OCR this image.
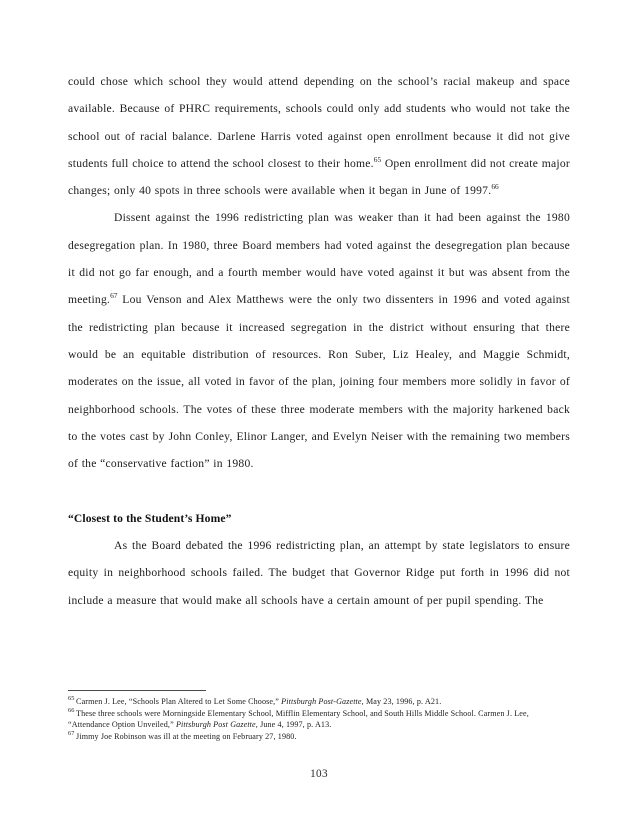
could chose which school they would attend depending on the school’s racial makeup and space available. Because of PHRC requirements, schools could only add students who would not take the school out of racial balance. Darlene Harris voted against open enrollment because it did not give students full choice to attend the school closest to their home.$^{65}$ Open enrollment did not create major changes; only 40 spots in three schools were available when it began in June of 1997.66

Dissent against the 1996 redistricting plan was weaker than it had been against the 1980 desegregation plan. In 1980, three Board members had voted against the desegregation plan because it did not go far enough, and a fourth member would have voted against it but was absent from the meeting.$^{67}$ Lou Venson and Alex Matthews were the only two dissenters in 1996 and voted against the redistricting plan because it increased segregation in the district without ensuring that there would be an equitable distribution of resources. Ron Suber, Liz Healey, and Maggie Schmidt, moderates on the issue, all voted in favor of the plan, joining four members more solidly in favor of neighborhood schools. The votes of these three moderate members with the majority harkened back to the votes cast by John Conley, Elinor Langer, and Evelyn Neiser with the remaining two members of the “conservative faction” in 1980.

“Closest to the Student’s Home”

As the Board debated the 1996 redistricting plan, an attempt by state legislators to ensure equity in neighborhood schools failed. The budget that Governor Ridge put forth in 1996 did not include a measure that would make all schools have a certain amount of per pupil spending. The

$^{65}$ Carmen J. Lee, “Schools Plan Altered to Let Some Choose,” Pittsburgh Post-Gazette, May 23, 1996, p. A21.

$^{66}$ These three schools were Morningside Elementary School, Mifflin Elementary School, and South Hills Middle School. Carmen J. Lee, “Attendance Option Unveiled,” Pittsburgh Post Gazette, June 4, 1997, p. A13.

$^{67}$ Jimmy Joe Robinson was ill at the meeting on February 27, 1980.

103
